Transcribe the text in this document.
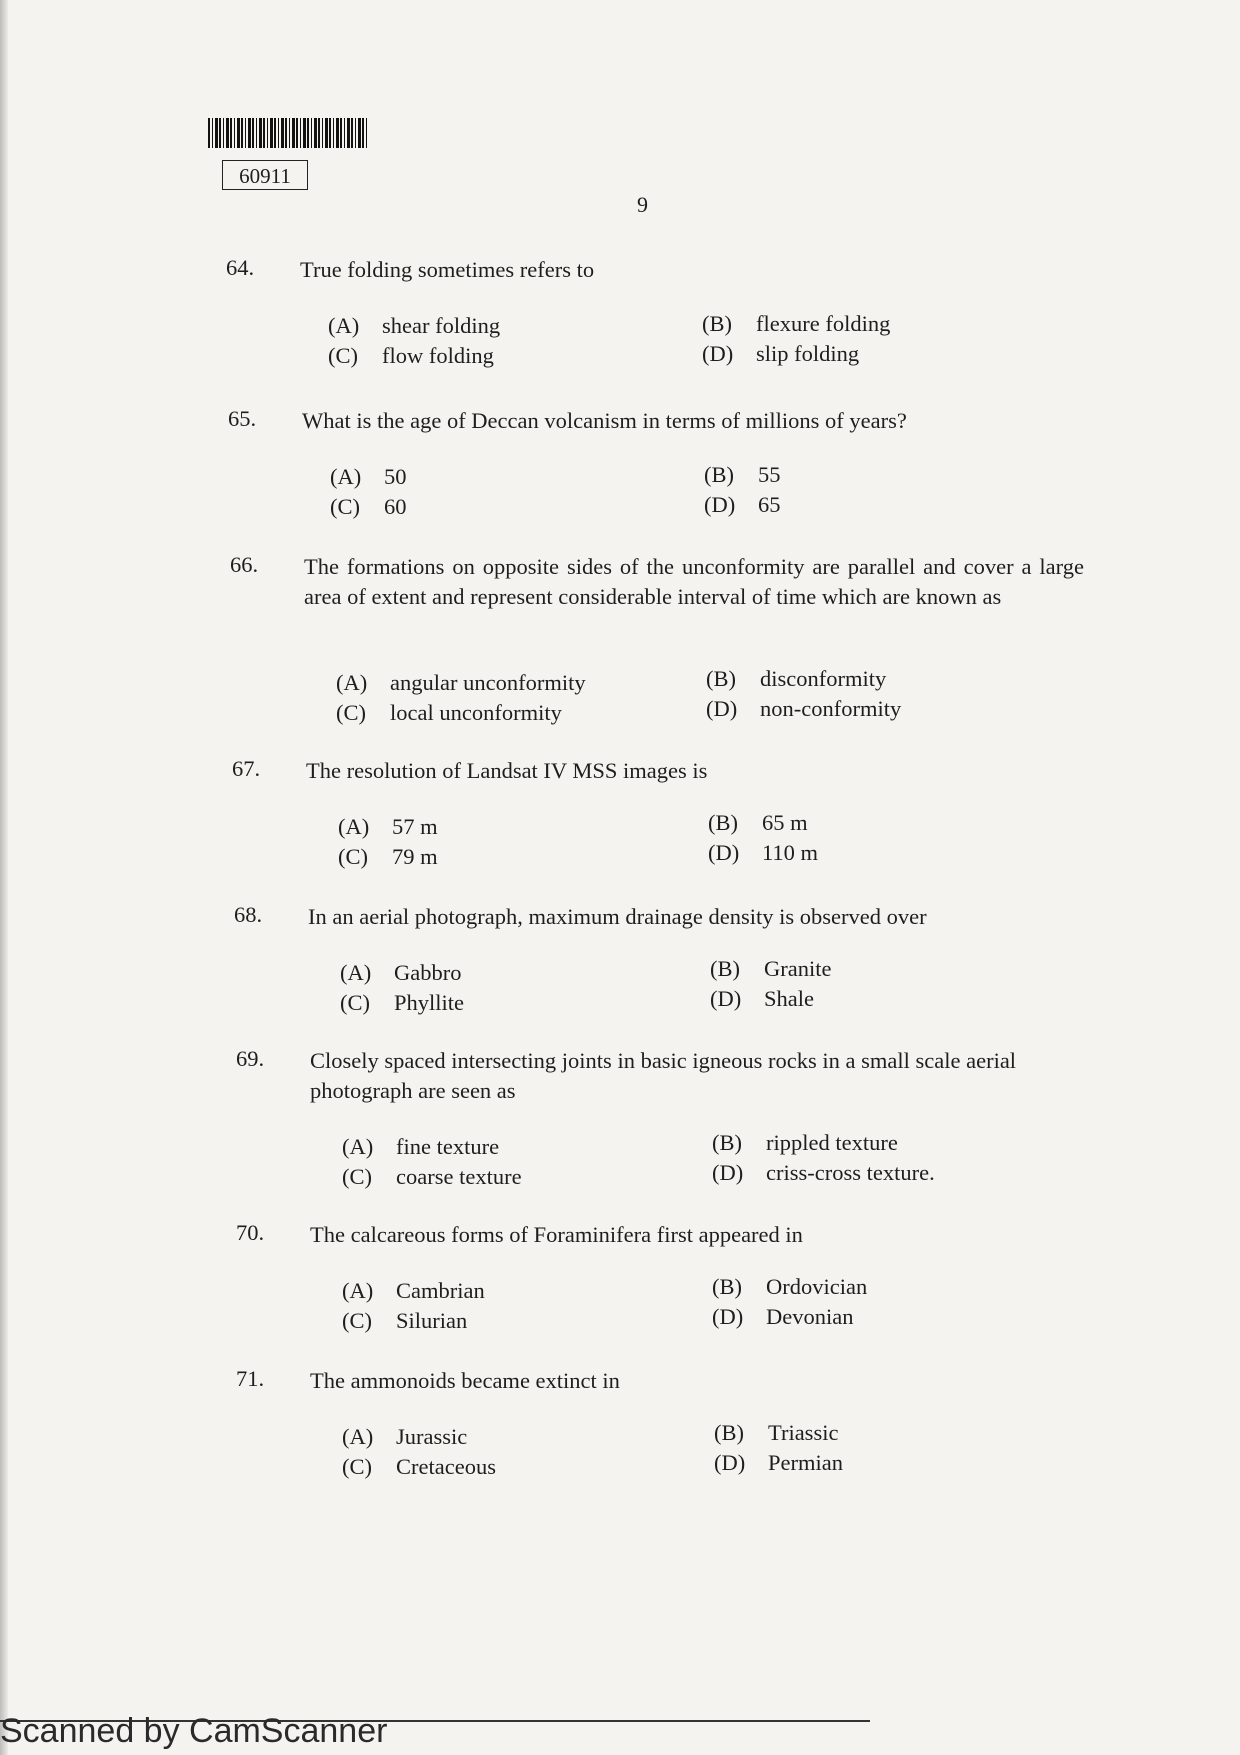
60911
9
64. True folding sometimes refers to
(A) shear folding	(B) flexure folding
(C) flow folding	(D) slip folding
65. What is the age of Deccan volcanism in terms of millions of years?
(A) 50	(B) 55
(C) 60	(D) 65
66. The formations on opposite sides of the unconformity are parallel and cover a large area of extent and represent considerable interval of time which are known as
(A) angular unconformity	(B) disconformity
(C) local unconformity	(D) non-conformity
67. The resolution of Landsat IV MSS images is
(A) 57 m	(B) 65 m
(C) 79 m	(D) 110 m
68. In an aerial photograph, maximum drainage density is observed over
(A) Gabbro	(B) Granite
(C) Phyllite	(D) Shale
69. Closely spaced intersecting joints in basic igneous rocks in a small scale aerial photograph are seen as
(A) fine texture	(B) rippled texture
(C) coarse texture	(D) criss-cross texture.
70. The calcareous forms of Foraminifera first appeared in
(A) Cambrian	(B) Ordovician
(C) Silurian	(D) Devonian
71. The ammonoids became extinct in
(A) Jurassic	(B) Triassic
(C) Cretaceous	(D) Permian
Scanned by CamScanner
